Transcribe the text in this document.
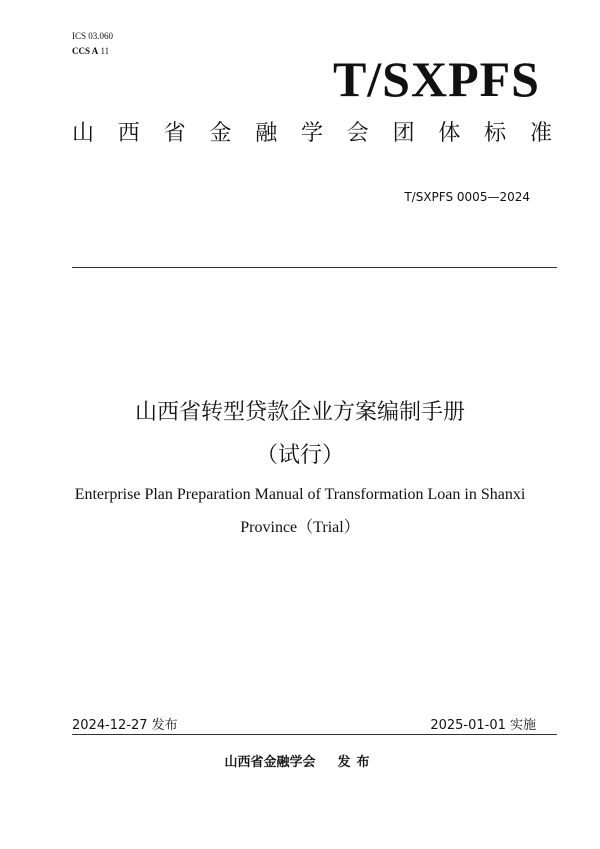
ICS 03.060
CCS A 11	T/SXPFS
山 西 省 金 融 学 会 团 体 标 准
T/SXPFS 0005—2024
山西省转型贷款企业方案编制手册
（试行）
Enterprise Plan Preparation Manual of Transformation Loan in Shanxi
Province（Trial）
2024-12-27 发布	2025-01-01 实施
山西省金融学会 发布
